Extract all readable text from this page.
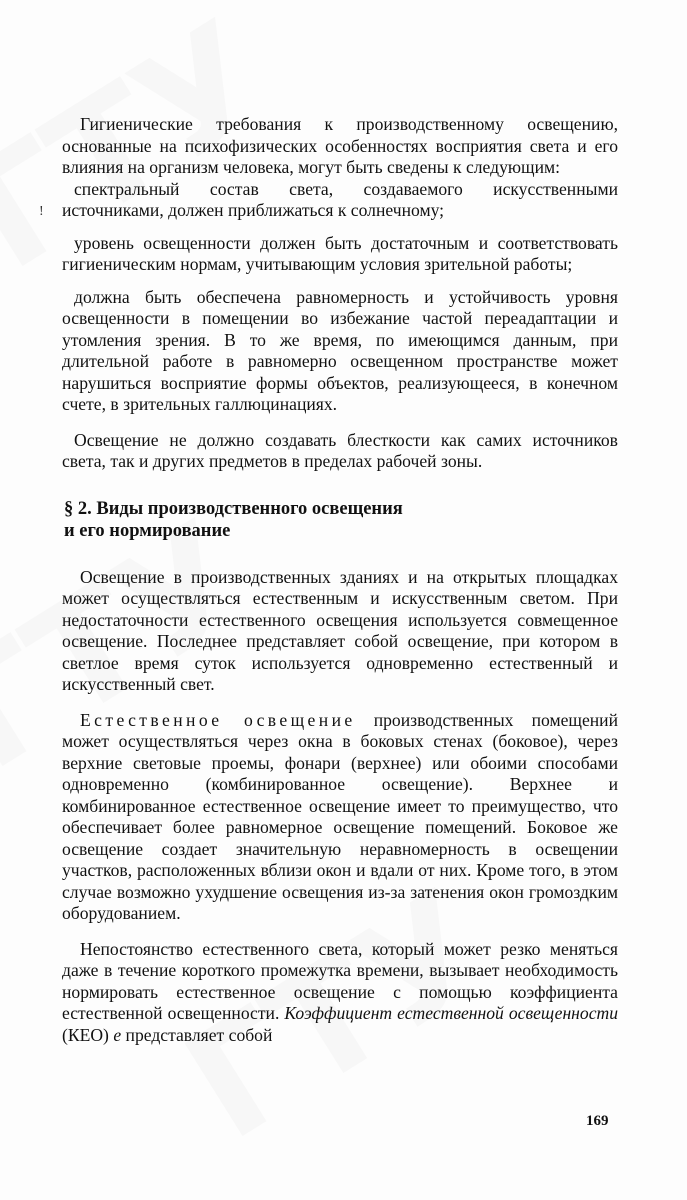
!

Гигиенические требования к производственному освещению, основанные на психофизических особенностях восприятия света и его влияния на организм человека, могут быть сведены к следующим:

спектральный состав света, создаваемого искусственными источниками, должен приближаться к солнечному;

уровень освещенности должен быть достаточным и соответствовать гигиеническим нормам, учитывающим условия зрительной работы;

должна быть обеспечена равномерность и устойчивость уровня освещенности в помещении во избежание частой переадаптации и утомления зрения. В то же время, по имеющимся данным, при длительной работе в равномерно освещенном пространстве может нарушиться восприятие формы объектов, реализующееся, в конечном счете, в зрительных галлюцинациях.

Освещение не должно создавать блесткости как самих источников света, так и других предметов в пределах рабочей зоны.

§ 2. Виды производственного освещения
и его нормирование

Освещение в производственных зданиях и на открытых площадках может осуществляться естественным и искусственным светом. При недостаточности естественного освещения используется совмещенное освещение. Последнее представляет собой освещение, при котором в светлое время суток используется одновременно естественный и искусственный свет.

Естественное освещение производственных помещений может осуществляться через окна в боковых стенах (боковое), через верхние световые проемы, фонари (верхнее) или обоими способами одновременно (комбинированное освещение). Верхнее и комбинированное естественное освещение имеет то преимущество, что обеспечивает более равномерное освещение помещений. Боковое же освещение создает значительную неравномерность в освещении участков, расположенных вблизи окон и вдали от них. Кроме того, в этом случае возможно ухудшение освещения из-за затенения окон громоздким оборудованием.

Непостоянство естественного света, который может резко меняться даже в течение короткого промежутка времени, вызывает необходимость нормировать естественное освещение с помощью коэффициента естественной освещенности. Коэффициент естественной освещенности (КЕО) е представляет собой

169
